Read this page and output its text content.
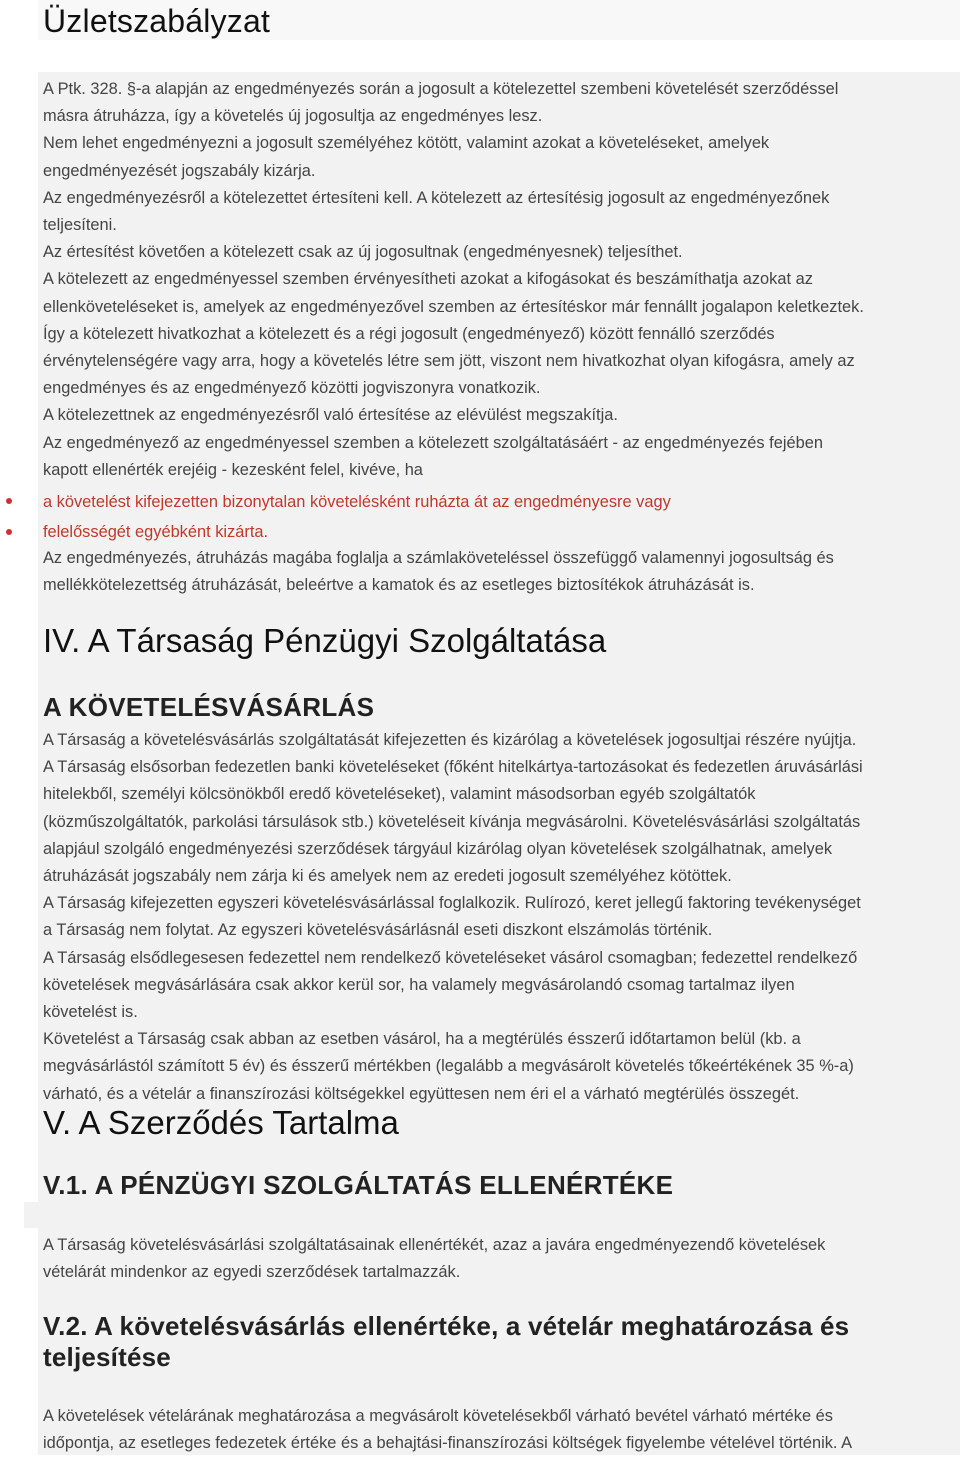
Üzletszabályzat
A Ptk. 328. §-a alapján az engedményezés során a jogosult a kötelezettel szembeni követelését szerződéssel
másra átruházza, így a követelés új jogosultja az engedményes lesz.
Nem lehet engedményezni a jogosult személyéhez kötött, valamint azokat a követeléseket, amelyek
engedményezését jogszabály kizárja.
Az engedményezésről a kötelezettet értesíteni kell. A kötelezett az értesítésig jogosult az engedményezőnek
teljesíteni.
Az értesítést követően a kötelezett csak az új jogosultnak (engedményesnek) teljesíthet.
A kötelezett az engedményessel szemben érvényesítheti azokat a kifogásokat és beszámíthatja azokat az
ellenköveteléseket is, amelyek az engedményezővel szemben az értesítéskor már fennállt jogalapon keletkeztek.
Így a kötelezett hivatkozhat a kötelezett és a régi jogosult (engedményező) között fennálló szerződés
érvénytelenségére vagy arra, hogy a követelés létre sem jött, viszont nem hivatkozhat olyan kifogásra, amely az
engedményes és az engedményező közötti jogviszonyra vonatkozik.
A kötelezettnek az engedményezésről való értesítése az elévülést megszakítja.
Az engedményező az engedményessel szemben a kötelezett szolgáltatásáért - az engedményezés fejében
kapott ellenérték erejéig - kezesként felel, kivéve, ha
a követelést kifejezetten bizonytalan követelésként ruházta át az engedményesre vagy
felelősségét egyébként kizárta.
Az engedményezés, átruházás magába foglalja a számlaköveteléssel összefüggő valamennyi jogosultság és
mellékkötelezettség átruházását, beleértve a kamatok és az esetleges biztosítékok átruházását is.
IV. A Társaság Pénzügyi Szolgáltatása
A KÖVETELÉSVÁSÁRLÁS
A Társaság a követelésvásárlás szolgáltatását kifejezetten és kizárólag a követelések jogosultjai részére nyújtja.
A Társaság elsősorban fedezetlen banki követeléseket (főként hitelkártya-tartozásokat és fedezetlen áruvásárlási
hitelekből, személyi kölcsönökből eredő követeléseket), valamint másodsorban egyéb szolgáltatók
(közműszolgáltatók, parkolási társulások stb.) követeléseit kívánja megvásárolni. Követelésvásárlási szolgáltatás
alapjául szolgáló engedményezési szerződések tárgyául kizárólag olyan követelések szolgálhatnak, amelyek
átruházását jogszabály nem zárja ki és amelyek nem az eredeti jogosult személyéhez kötöttek.
A Társaság kifejezetten egyszeri követelésvásárlással foglalkozik. Rulírozó, keret jellegű faktoring tevékenységet
a Társaság nem folytat. Az egyszeri követelésvásárlásnál eseti diszkont elszámolás történik.
A Társaság elsődlegesesen fedezettel nem rendelkező követeléseket vásárol csomagban; fedezettel rendelkező
követelések megvásárlására csak akkor kerül sor, ha valamely megvásárolandó csomag tartalmaz ilyen
követelést is.
Követelést a Társaság csak abban az esetben vásárol, ha a megtérülés ésszerű időtartamon belül (kb. a
megvásárlástól számított 5 év) és ésszerű mértékben (legalább a megvásárolt követelés tőkeértékének 35 %-a)
várható, és a vételár a finanszírozási költségekkel együttesen nem éri el a várható megtérülés összegét.
V. A Szerződés Tartalma
V.1. A PÉNZÜGYI SZOLGÁLTATÁS ELLENÉRTÉKE
A Társaság követelésvásárlási szolgáltatásainak ellenértékét, azaz a javára engedményezendő követelések
vételárát mindenkor az egyedi szerződések tartalmazzák.
V.2. A követelésvásárlás ellenértéke, a vételár meghatározása és teljesítése
A követelések vételárának meghatározása a megvásárolt követelésekből várható bevétel várható mértéke és
időpontja, az esetleges fedezetek értéke és a behajtási-finanszírozási költségek figyelembe vételével történik. A
